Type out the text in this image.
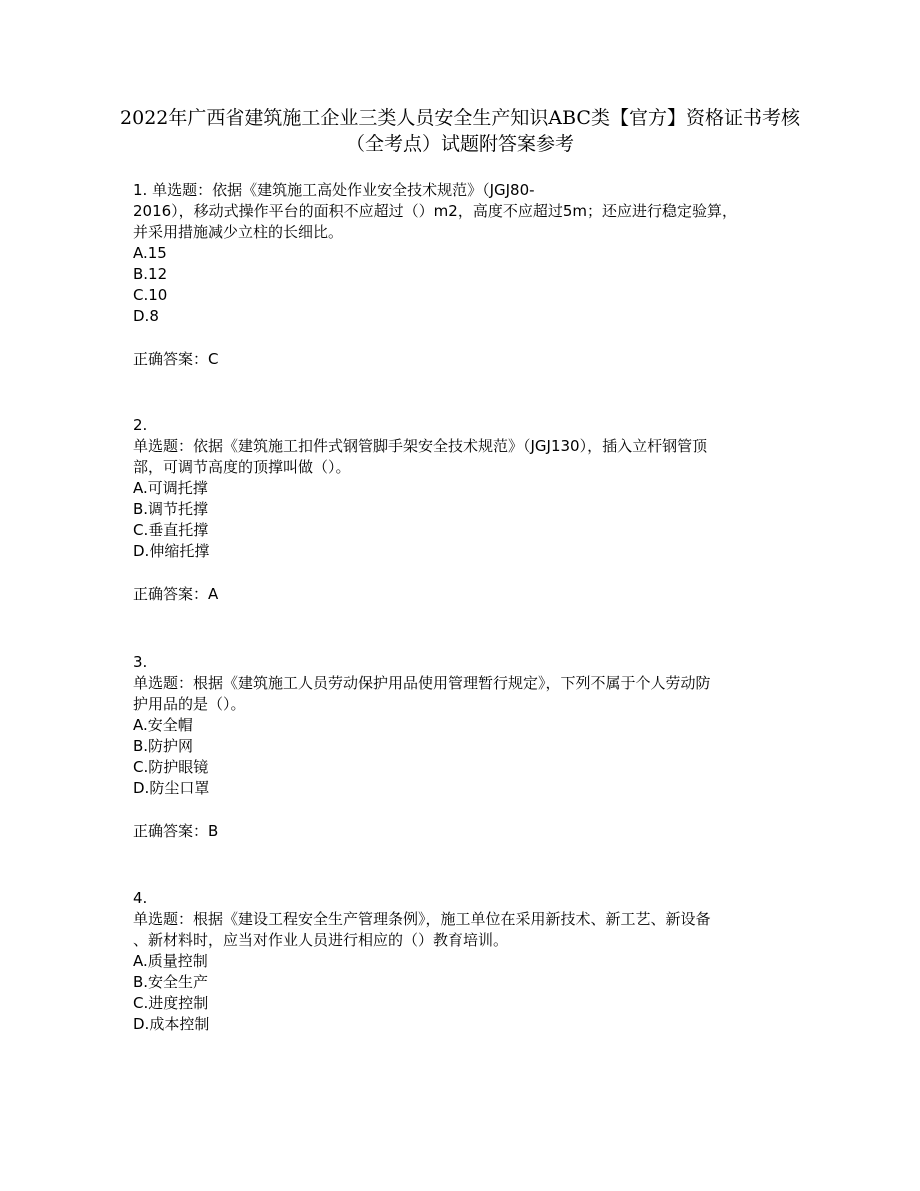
2022年广西省建筑施工企业三类人员安全生产知识ABC类【官方】资格证书考核
（全考点）试题附答案参考
1. 单选题：依据《建筑施工高处作业安全技术规范》（JGJ80-
2016），移动式操作平台的面积不应超过（）m2，高度不应超过5m；还应进行稳定验算，
并采用措施减少立柱的长细比。
A.15
B.12
C.10
D.8
正确答案：C
2.
单选题：依据《建筑施工扣件式钢管脚手架安全技术规范》（JGJ130），插入立杆钢管顶
部，可调节高度的顶撑叫做（）。
A.可调托撑
B.调节托撑
C.垂直托撑
D.伸缩托撑
正确答案：A
3.
单选题：根据《建筑施工人员劳动保护用品使用管理暂行规定》，下列不属于个人劳动防
护用品的是（）。
A.安全帽
B.防护网
C.防护眼镜
D.防尘口罩
正确答案：B
4.
单选题：根据《建设工程安全生产管理条例》，施工单位在采用新技术、新工艺、新设备
、新材料时，应当对作业人员进行相应的（）教育培训。
A.质量控制
B.安全生产
C.进度控制
D.成本控制
